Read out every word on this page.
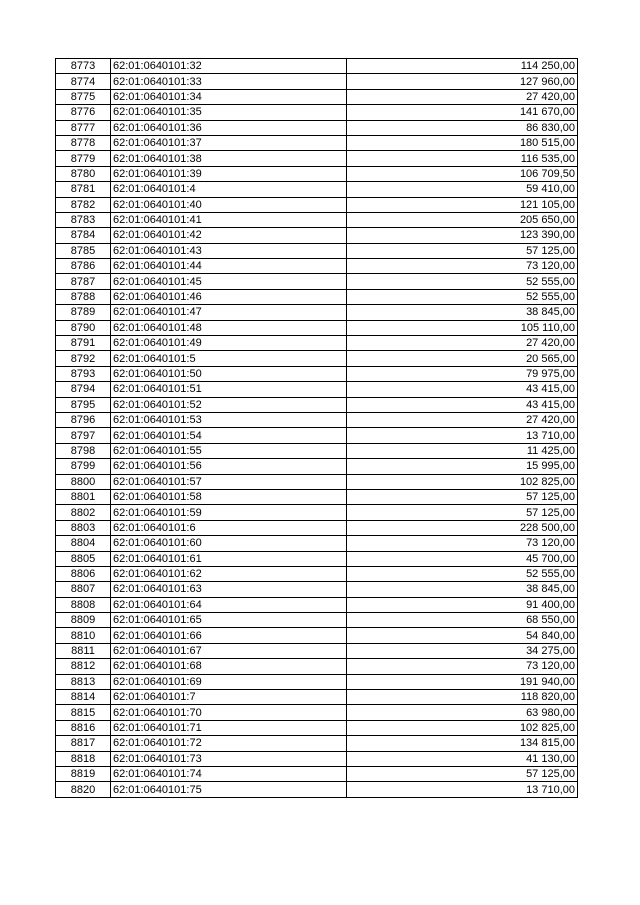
8773	62:01:0640101:32	114 250,00
8774	62:01:0640101:33	127 960,00
8775	62:01:0640101:34	27 420,00
8776	62:01:0640101:35	141 670,00
8777	62:01:0640101:36	86 830,00
8778	62:01:0640101:37	180 515,00
8779	62:01:0640101:38	116 535,00
8780	62:01:0640101:39	106 709,50
8781	62:01:0640101:4	59 410,00
8782	62:01:0640101:40	121 105,00
8783	62:01:0640101:41	205 650,00
8784	62:01:0640101:42	123 390,00
8785	62:01:0640101:43	57 125,00
8786	62:01:0640101:44	73 120,00
8787	62:01:0640101:45	52 555,00
8788	62:01:0640101:46	52 555,00
8789	62:01:0640101:47	38 845,00
8790	62:01:0640101:48	105 110,00
8791	62:01:0640101:49	27 420,00
8792	62:01:0640101:5	20 565,00
8793	62:01:0640101:50	79 975,00
8794	62:01:0640101:51	43 415,00
8795	62:01:0640101:52	43 415,00
8796	62:01:0640101:53	27 420,00
8797	62:01:0640101:54	13 710,00
8798	62:01:0640101:55	11 425,00
8799	62:01:0640101:56	15 995,00
8800	62:01:0640101:57	102 825,00
8801	62:01:0640101:58	57 125,00
8802	62:01:0640101:59	57 125,00
8803	62:01:0640101:6	228 500,00
8804	62:01:0640101:60	73 120,00
8805	62:01:0640101:61	45 700,00
8806	62:01:0640101:62	52 555,00
8807	62:01:0640101:63	38 845,00
8808	62:01:0640101:64	91 400,00
8809	62:01:0640101:65	68 550,00
8810	62:01:0640101:66	54 840,00
8811	62:01:0640101:67	34 275,00
8812	62:01:0640101:68	73 120,00
8813	62:01:0640101:69	191 940,00
8814	62:01:0640101:7	118 820,00
8815	62:01:0640101:70	63 980,00
8816	62:01:0640101:71	102 825,00
8817	62:01:0640101:72	134 815,00
8818	62:01:0640101:73	41 130,00
8819	62:01:0640101:74	57 125,00
8820	62:01:0640101:75	13 710,00
